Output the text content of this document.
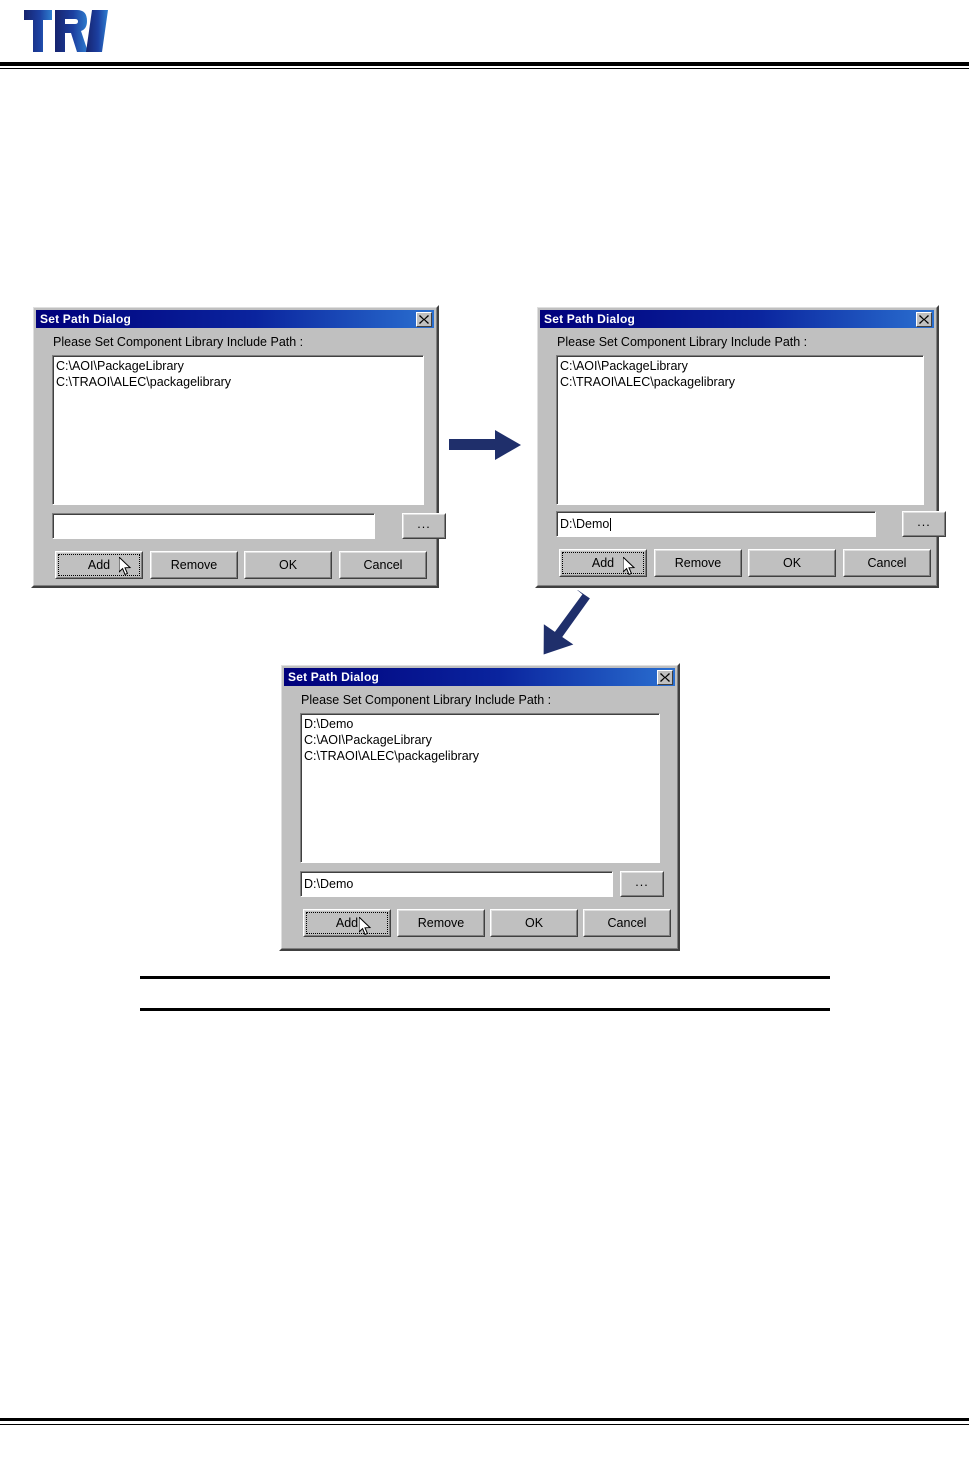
Set Path Dialog
Please Set Component Library Include Path :
C:\AOI\PackageLibrary
C:\TRAOI\ALEC\packagelibrary
...
Add	Remove	OK	Cancel
Set Path Dialog
Please Set Component Library Include Path :
C:\AOI\PackageLibrary
C:\TRAOI\ALEC\packagelibrary
D:\Demo	...
Add	Remove	OK	Cancel
Set Path Dialog
Please Set Component Library Include Path :
D:\Demo
C:\AOI\PackageLibrary
C:\TRAOI\ALEC\packagelibrary
D:\Demo	...
Add	Remove	OK	Cancel
